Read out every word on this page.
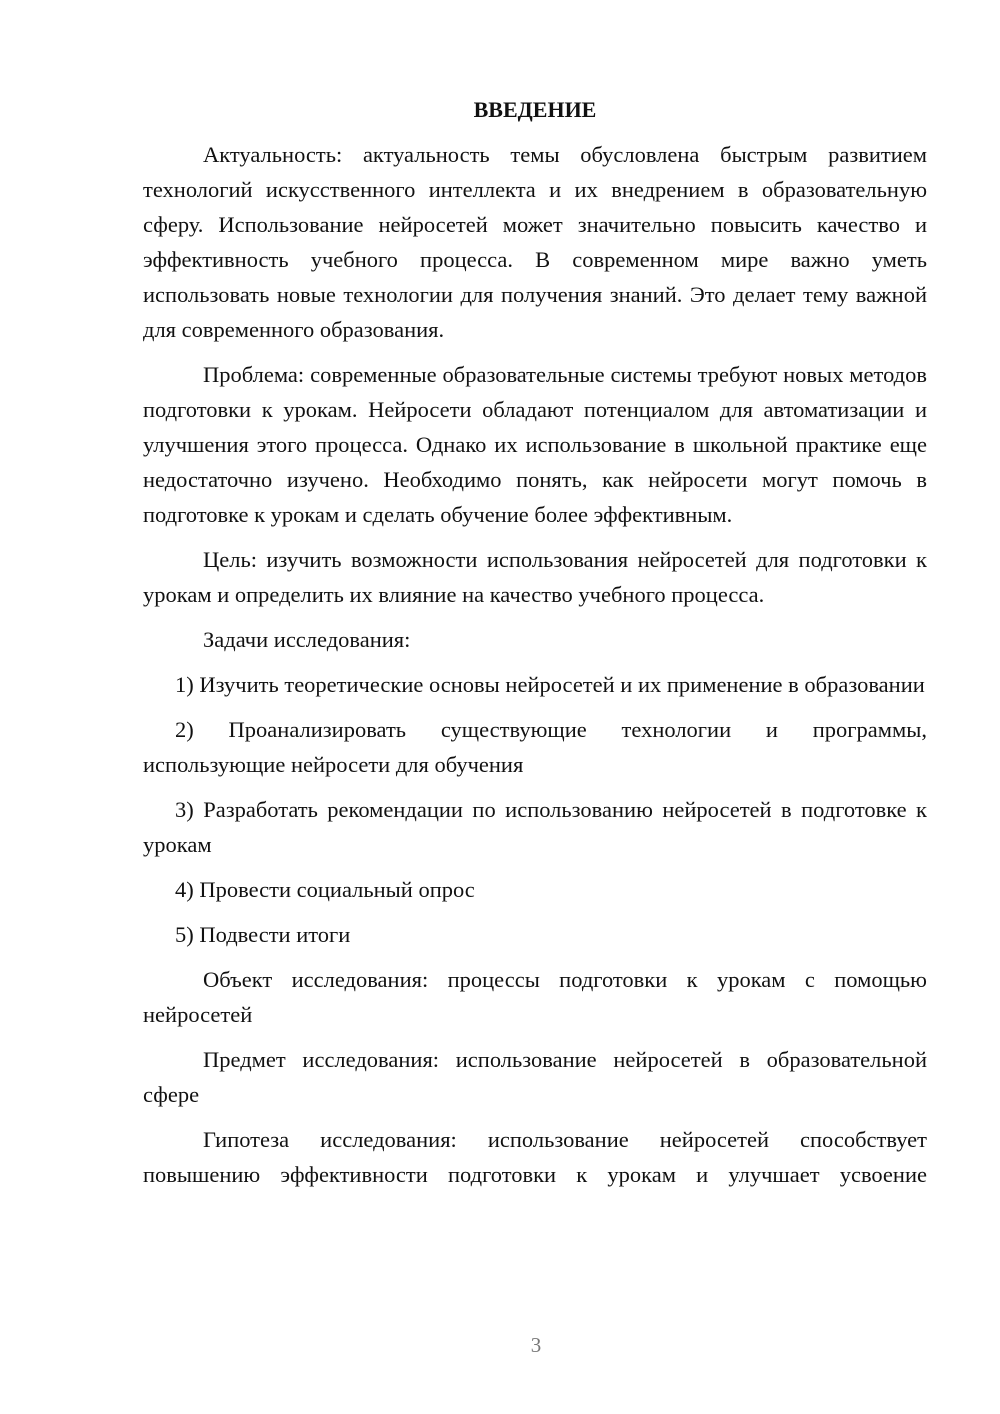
ВВЕДЕНИЕ

Актуальность: актуальность темы обусловлена быстрым развитием технологий искусственного интеллекта и их внедрением в образовательную сферу. Использование нейросетей может значительно повысить качество и эффективность учебного процесса. В современном мире важно уметь использовать новые технологии для получения знаний. Это делает тему важной для современного образования.

Проблема: современные образовательные системы требуют новых методов подготовки к урокам. Нейросети обладают потенциалом для автоматизации и улучшения этого процесса. Однако их использование в школьной практике еще недостаточно изучено. Необходимо понять, как нейросети могут помочь в подготовке к урокам и сделать обучение более эффективным.

Цель: изучить возможности использования нейросетей для подготовки к урокам и определить их влияние на качество учебного процесса.

Задачи исследования:

1) Изучить теоретические основы нейросетей и их применение в образовании

2) Проанализировать существующие технологии и программы, использующие нейросети для обучения

3) Разработать рекомендации по использованию нейросетей в подготовке к урокам

4) Провести социальный опрос

5) Подвести итоги

Объект исследования: процессы подготовки к урокам с помощью нейросетей

Предмет исследования: использование нейросетей в образовательной сфере

Гипотеза исследования: использование нейросетей способствует повышению эффективности подготовки к урокам и улучшает усвоение

3
